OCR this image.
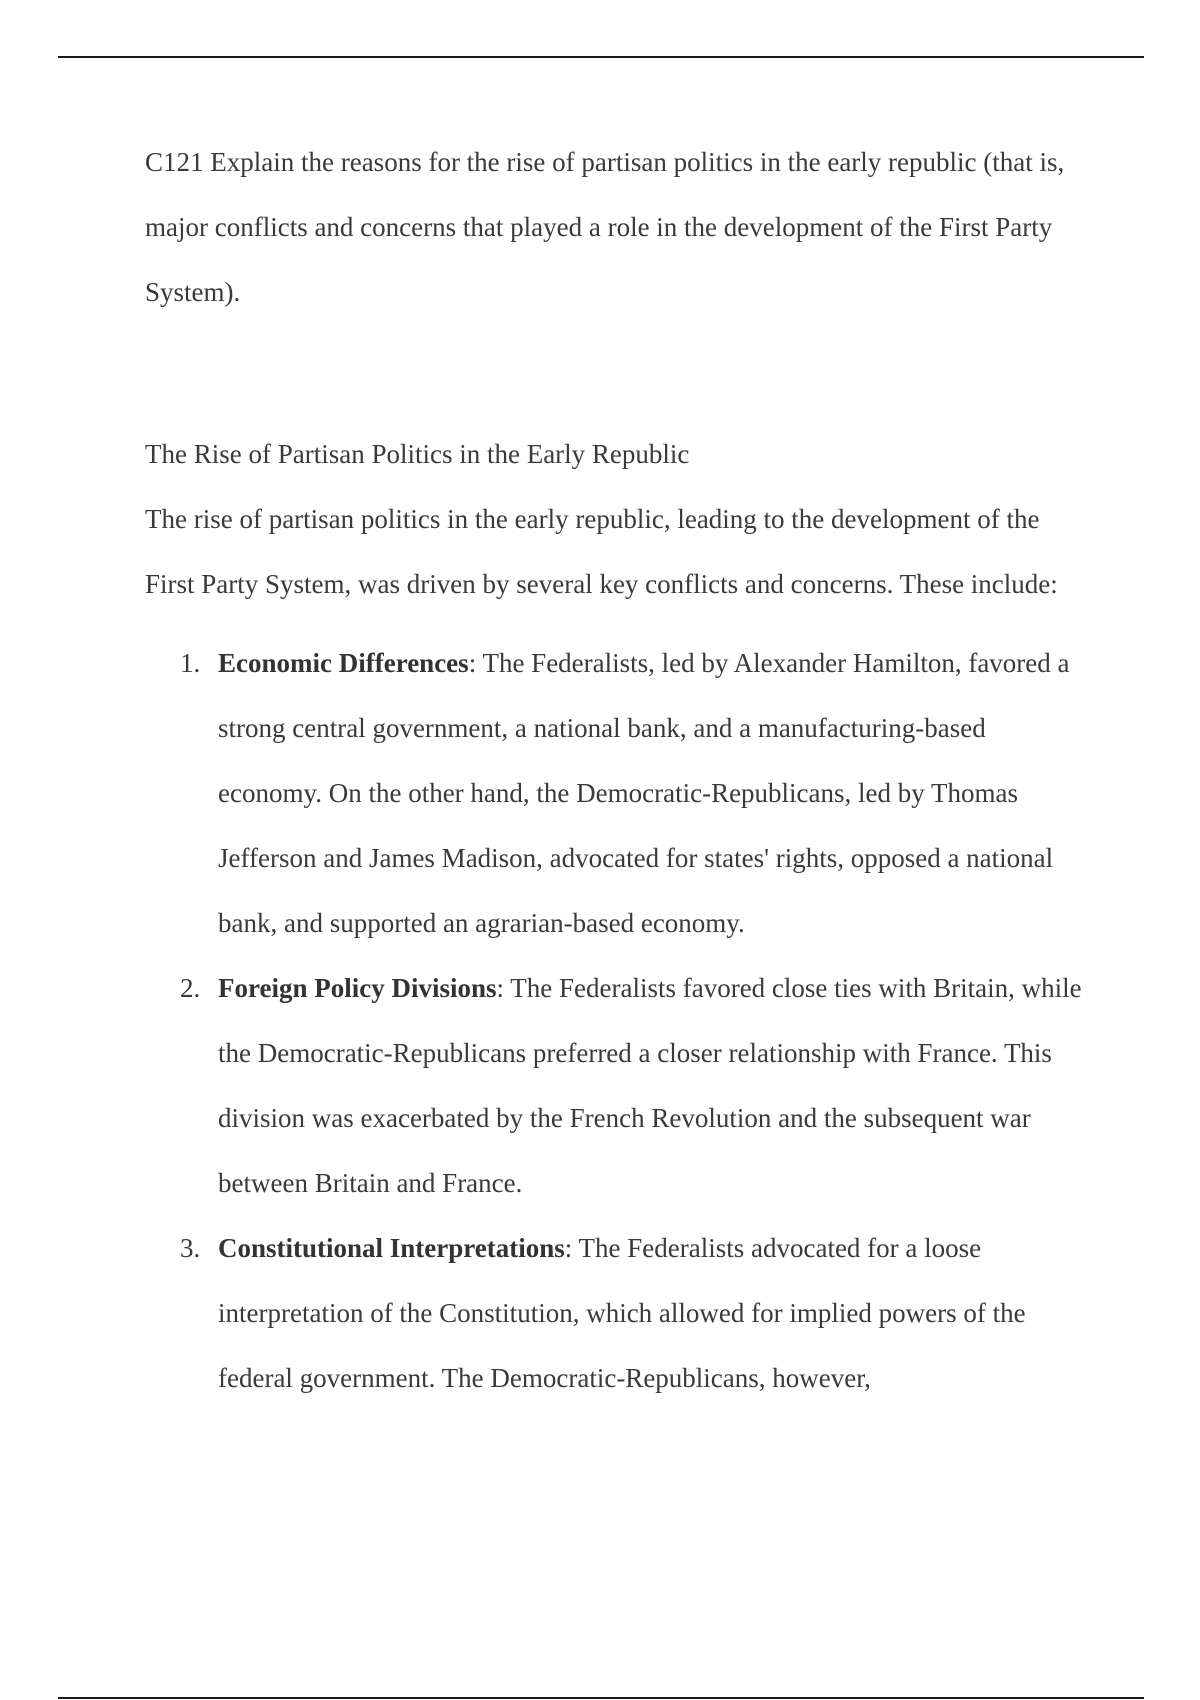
C121 Explain the reasons for the rise of partisan politics in the early republic (that is, major conflicts and concerns that played a role in the development of the First Party System).

The Rise of Partisan Politics in the Early Republic

The rise of partisan politics in the early republic, leading to the development of the First Party System, was driven by several key conflicts and concerns. These include:

1. Economic Differences: The Federalists, led by Alexander Hamilton, favored a strong central government, a national bank, and a manufacturing-based economy. On the other hand, the Democratic-Republicans, led by Thomas Jefferson and James Madison, advocated for states' rights, opposed a national bank, and supported an agrarian-based economy.
2. Foreign Policy Divisions: The Federalists favored close ties with Britain, while the Democratic-Republicans preferred a closer relationship with France. This division was exacerbated by the French Revolution and the subsequent war between Britain and France.
3. Constitutional Interpretations: The Federalists advocated for a loose interpretation of the Constitution, which allowed for implied powers of the federal government. The Democratic-Republicans, however,
